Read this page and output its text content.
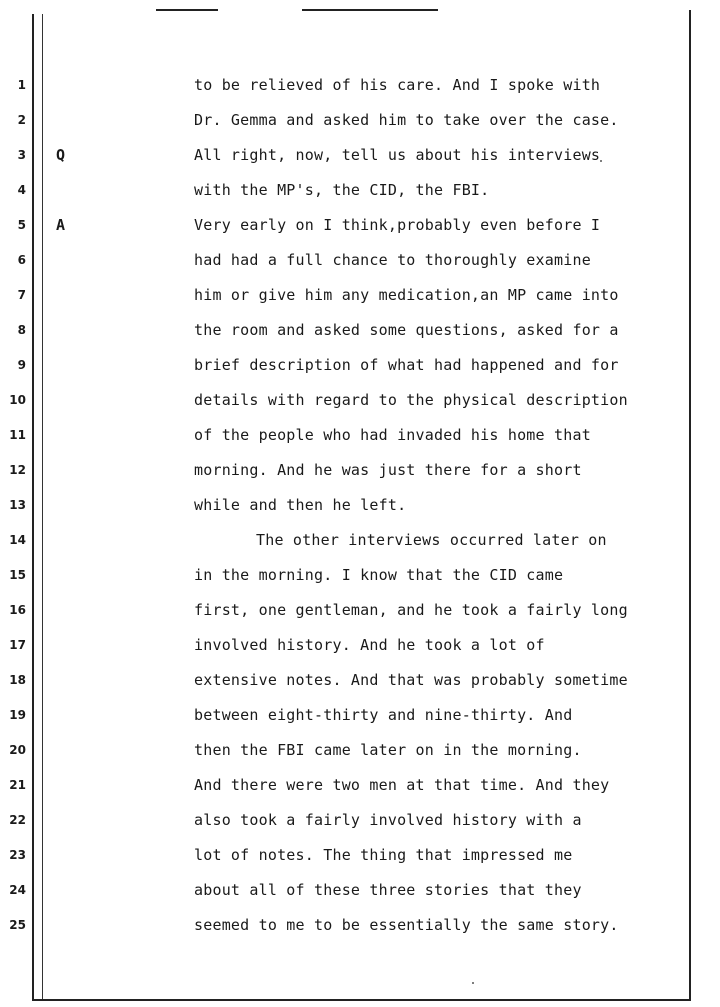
1
2
3
4
5
6
7
8
9
10
11
12
13
14
15
16
17
18
19
20
21
22
23
24
25
Q
A
to be relieved of his care. And I spoke with
Dr. Gemma and asked him to take over the case.
All right, now, tell us about his interviews
with the MP's, the CID, the FBI.
Very early on I think,probably even before I
had had a full chance to thoroughly examine
him or give him any medication,an MP came into
the room and asked some questions, asked for a
brief description of what had happened and for
details with regard to the physical description
of the people who had invaded his home that
morning. And he was just there for a short
while and then he left.
The other interviews occurred later on
in the morning. I know that the CID came
first, one gentleman, and he took a fairly long
involved history. And he took a lot of
extensive notes. And that was probably sometime
between eight-thirty and nine-thirty. And
then the FBI came later on in the morning.
And there were two men at that time. And they
also took a fairly involved history with a
lot of notes. The thing that impressed me
about all of these three stories that they
seemed to me to be essentially the same story.
